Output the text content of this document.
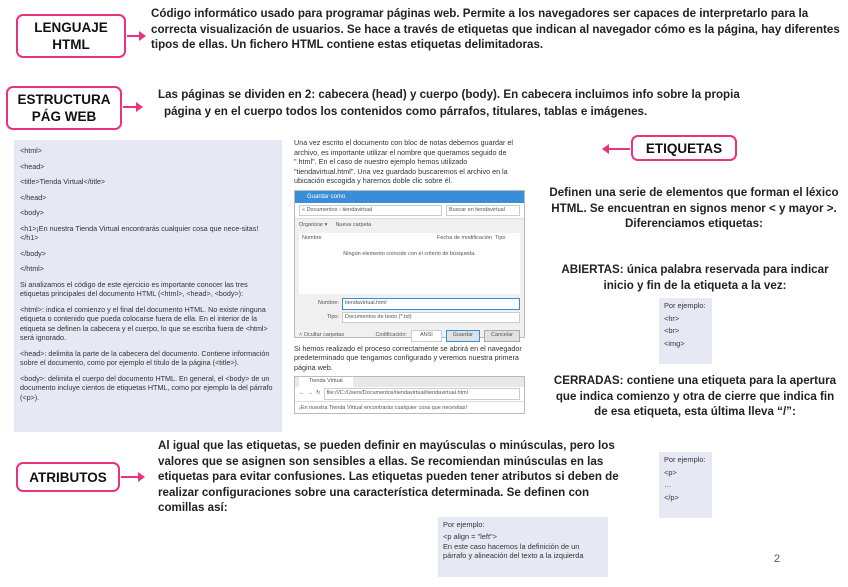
LENGUAJE
HTML
Código informático usado para programar páginas web. Permite a los navegadores ser capaces de interpretarlo para la correcta visualización de usuarios. Se hace a través de etiquetas que indican al navegador cómo es la página, hay diferentes tipos de ellas. Un fichero HTML contiene estas etiquetas delimitadoras.
ESTRUCTURA
PÁG WEB
Las páginas se dividen en 2: cabecera (head) y cuerpo (body). En cabecera incluimos info sobre la propia
página y en el cuerpo todos los contenidos como párrafos, titulares, tablas e imágenes.

<html>

<head>

<title>Tienda Virtual</title>

</head>

<body>

<h1>¡En nuestra Tienda Virtual encontrarás cualquier cosa que nece-sitas!</h1>

</body>

</html>

Si analizamos el código de este ejercicio es importante conocer las tres etiquetas principales del documento HTML (<html>, <head>, <body>):

<html>: indica el comienzo y el final del documento HTML. No existe ninguna etiqueta o contenido que pueda colocarse fuera de ella. En el interior de la etiqueta se definen la cabecera y el cuerpo, lo que se escriba fuera de <html> será ignorado.

<head>: delimita la parte de la cabecera del documento. Contiene información sobre el documento, como por ejemplo el título de la página (<title>).

<body>: delimita el cuerpo del documento HTML. En general, el <body> de un documento incluye cientos de etiquetas HTML, como por ejemplo la del párrafo (<p>).

Una vez escrito el documento con bloc de notas debemos guardar el archivo, es importante utilizar el nombre que queramos seguido de ".html". En el caso de nuestro ejemplo hemos utilizado "tiendavirtual.html". Una vez guardado buscaremos el archivo en la ubicación escogida y haremos doble clic sobre él.
Guardar como
« Documentos › tiendavirtual	Buscar en tiendavirtual
Organizar ▾ Nueva carpeta
Nombre	Fecha de modificación Tipo
Ningún elemento coincide con el criterio de búsqueda.
Nombre:	tiendavirtual.html
Tipo:	Documentos de texto (*.txt)
˄ Ocultar carpetas	Codificación:	ANSI	Guardar	Cancelar
Si hemos realizado el proceso correctamente se abrirá en el navegador predeterminado que tengamos configurado y veremos nuestra primera página web.
Tienda Virtual
← → ↻	file:///C:/Users/Documentos/tiendavirtual/tiendavirtual.html
¡En nuestra Tienda Virtual encontrarás cualquier cosa que necesitas!
ETIQUETAS
Definen una serie de elementos que forman el léxico HTML. Se encuentran en signos menor < y mayor >. Diferenciamos etiquetas:
ABIERTAS: única palabra reservada para indicar inicio y fin de la etiqueta a la vez:
Por ejemplo:
<hr>
<br>
<img>
CERRADAS: contiene una etiqueta para la apertura que indica comienzo y otra de cierre que indica fin de esa etiqueta, esta última lleva “/”:
Por ejemplo:
<p>
…
</p>
ATRIBUTOS
Al igual que las etiquetas, se pueden definir en mayúsculas o minúsculas, pero los valores que se asignen son sensibles a ellas. Se recomiendan minúsculas en las etiquetas para evitar confusiones. Las etiquetas pueden tener atributos si deben de realizar configuraciones sobre una característica determinada. Se definen con comillas así:
Por ejemplo:
<p align = "left">
En este caso hacemos la definición de un párrafo y alineación del texto a la izquierda	2
